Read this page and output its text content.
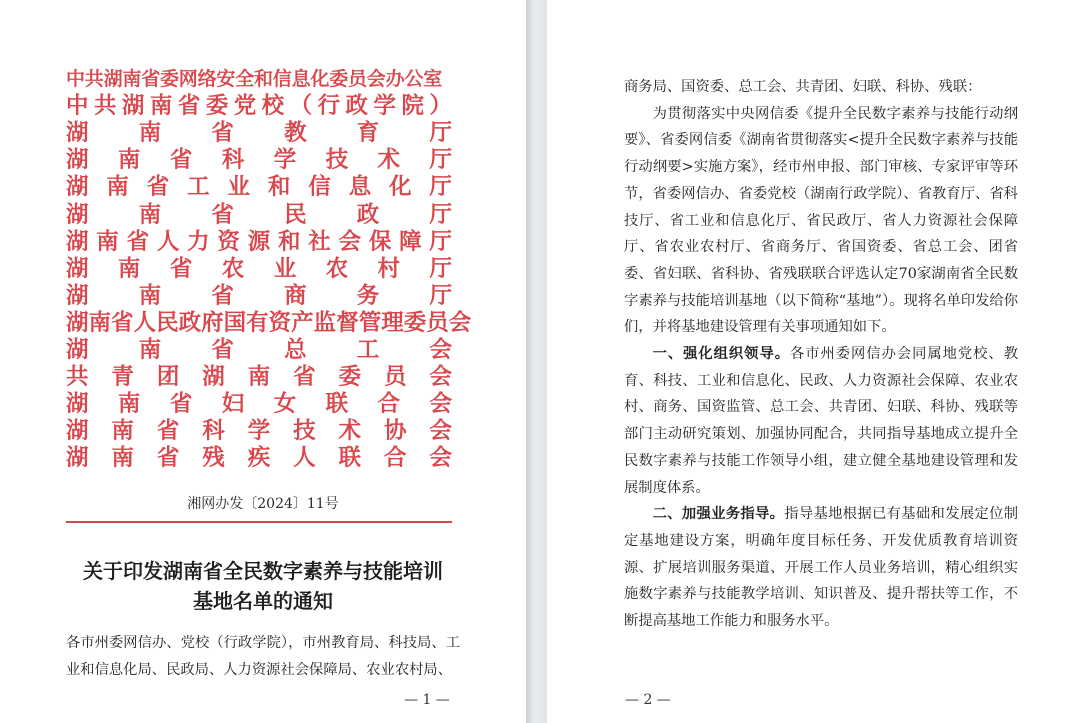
中共湖南省委网络安全和信息化委员会办公室
中 共 湖 南 省 委 党 校 （ 行 政 学 院 ）
湖 南 省 教 育 厅
湖 南 省 科 学 技 术 厅
湖 南 省 工 业 和 信 息 化 厅
湖 南 省 民 政 厅
湖 南 省 人 力 资 源 和 社 会 保 障 厅
湖 南 省 农 业 农 村 厅
湖 南 省 商 务 厅
湖 南 省 人 民 政 府 国 有 资 产 监 督 管 理 委 员 会
湖 南 省 总 工 会
共 青 团 湖 南 省 委 员 会
湖 南 省 妇 女 联 合 会
湖 南 省 科 学 技 术 协 会
湖 南 省 残 疾 人 联 合 会
湘网办发〔2024〕11号
关于印发湖南省全民数字素养与技能培训
基地名单的通知
各市州委网信办、党校（行政学院），市州教育局、科技局、工业和信息化局、民政局、人力资源社会保障局、农业农村局、
— 1 —

商务局、国资委、总工会、共青团、妇联、科协、残联：

为贯彻落实中央网信委《提升全民数字素养与技能行动纲要》、省委网信委《湖南省贯彻落实<提升全民数字素养与技能行动纲要>实施方案》，经市州申报、部门审核、专家评审等环节，省委网信办、省委党校（湖南行政学院）、省教育厅、省科技厅、省工业和信息化厅、省民政厅、省人力资源社会保障厅、省农业农村厅、省商务厅、省国资委、省总工会、团省委、省妇联、省科协、省残联联合评选认定70家湖南省全民数字素养与技能培训基地（以下简称“基地”）。现将名单印发给你们，并将基地建设管理有关事项通知如下。

一、强化组织领导。各市州委网信办会同属地党校、教育、科技、工业和信息化、民政、人力资源社会保障、农业农村、商务、国资监管、总工会、共青团、妇联、科协、残联等部门主动研究策划、加强协同配合，共同指导基地成立提升全民数字素养与技能工作领导小组，建立健全基地建设管理和发展制度体系。

二、加强业务指导。指导基地根据已有基础和发展定位制定基地建设方案，明确年度目标任务、开发优质教育培训资源、扩展培训服务渠道、开展工作人员业务培训，精心组织实施数字素养与技能教学培训、知识普及、提升帮扶等工作，不断提高基地工作能力和服务水平。

— 2 —
